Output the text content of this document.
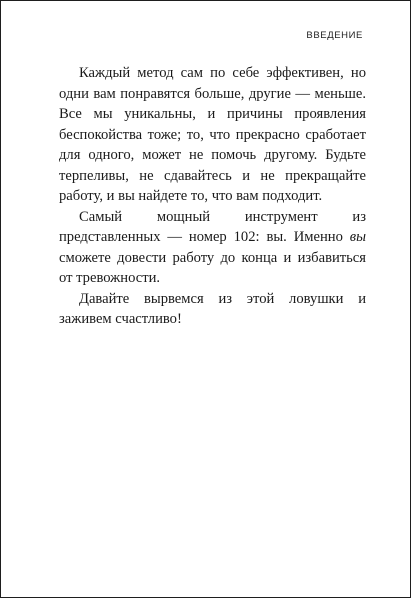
ВВЕДЕНИЕ

Каждый метод сам по себе эффективен, но одни вам понравятся больше, другие — меньше. Все мы уникальны, и причины проявления беспокойства тоже; то, что прекрасно сработает для одного, может не помочь другому. Будьте терпеливы, не сдавайтесь и не прекращайте работу, и вы найдете то, что вам подходит.

Самый мощный инструмент из представленных — номер 102: вы. Именно вы сможете довести работу до конца и избавиться от тревожности.

Давайте вырвемся из этой ловушки и заживем счастливо!
